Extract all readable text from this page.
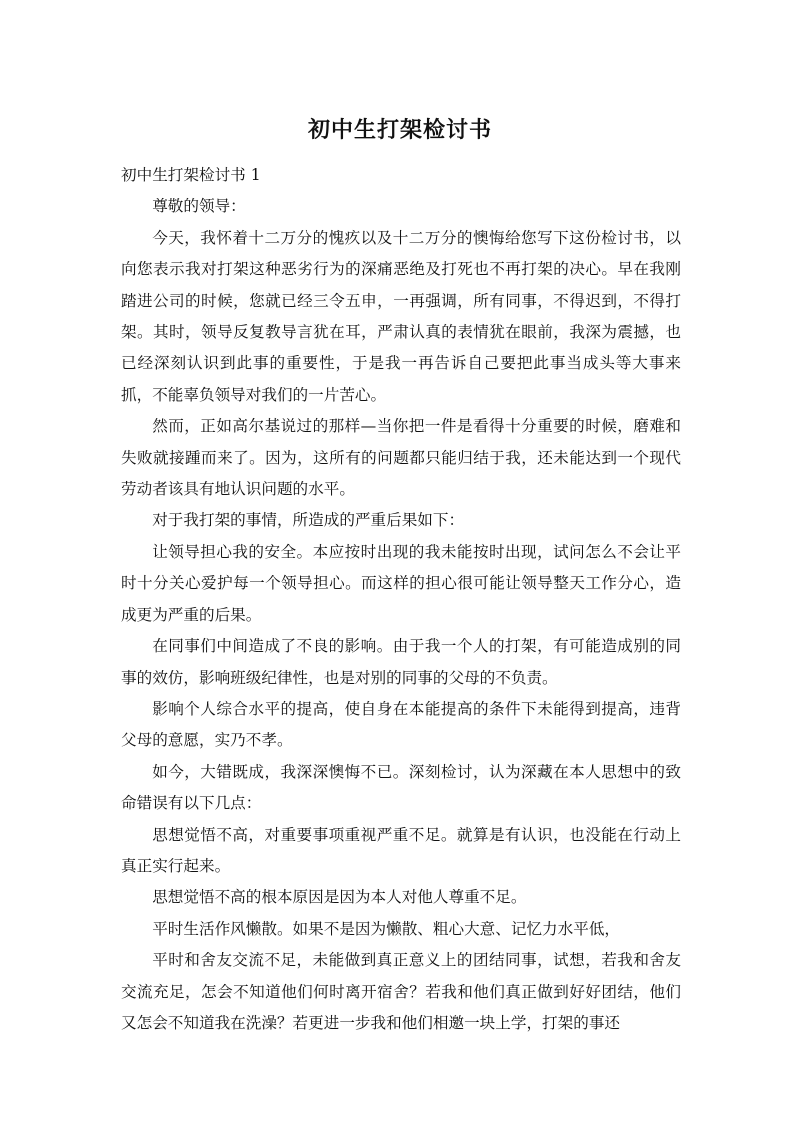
初中生打架检讨书

初中生打架检讨书 1

尊敬的领导：

今天，我怀着十二万分的愧疚以及十二万分的懊悔给您写下这份检讨书，以向您表示我对打架这种恶劣行为的深痛恶绝及打死也不再打架的决心。早在我刚踏进公司的时候，您就已经三令五申，一再强调，所有同事，不得迟到，不得打架。其时，领导反复教导言犹在耳，严肃认真的表情犹在眼前，我深为震撼，也已经深刻认识到此事的重要性，于是我一再告诉自己要把此事当成头等大事来抓，不能辜负领导对我们的一片苦心。

然而，正如高尔基说过的那样—当你把一件是看得十分重要的时候，磨难和失败就接踵而来了。因为，这所有的问题都只能归结于我，还未能达到一个现代劳动者该具有地认识问题的水平。

对于我打架的事情，所造成的严重后果如下：

让领导担心我的安全。本应按时出现的我未能按时出现，试问怎么不会让平时十分关心爱护每一个领导担心。而这样的担心很可能让领导整天工作分心，造成更为严重的后果。

在同事们中间造成了不良的影响。由于我一个人的打架，有可能造成别的同事的效仿，影响班级纪律性，也是对别的同事的父母的不负责。

影响个人综合水平的提高，使自身在本能提高的条件下未能得到提高，违背父母的意愿，实乃不孝。

如今，大错既成，我深深懊悔不已。深刻检讨，认为深藏在本人思想中的致命错误有以下几点：

思想觉悟不高，对重要事项重视严重不足。就算是有认识，也没能在行动上真正实行起来。

思想觉悟不高的根本原因是因为本人对他人尊重不足。

平时生活作风懒散。如果不是因为懒散、粗心大意、记忆力水平低，

平时和舍友交流不足，未能做到真正意义上的团结同事，试想，若我和舍友交流充足，怎会不知道他们何时离开宿舍？若我和他们真正做到好好团结，他们又怎会不知道我在洗澡？若更进一步我和他们相邀一块上学，打架的事还
